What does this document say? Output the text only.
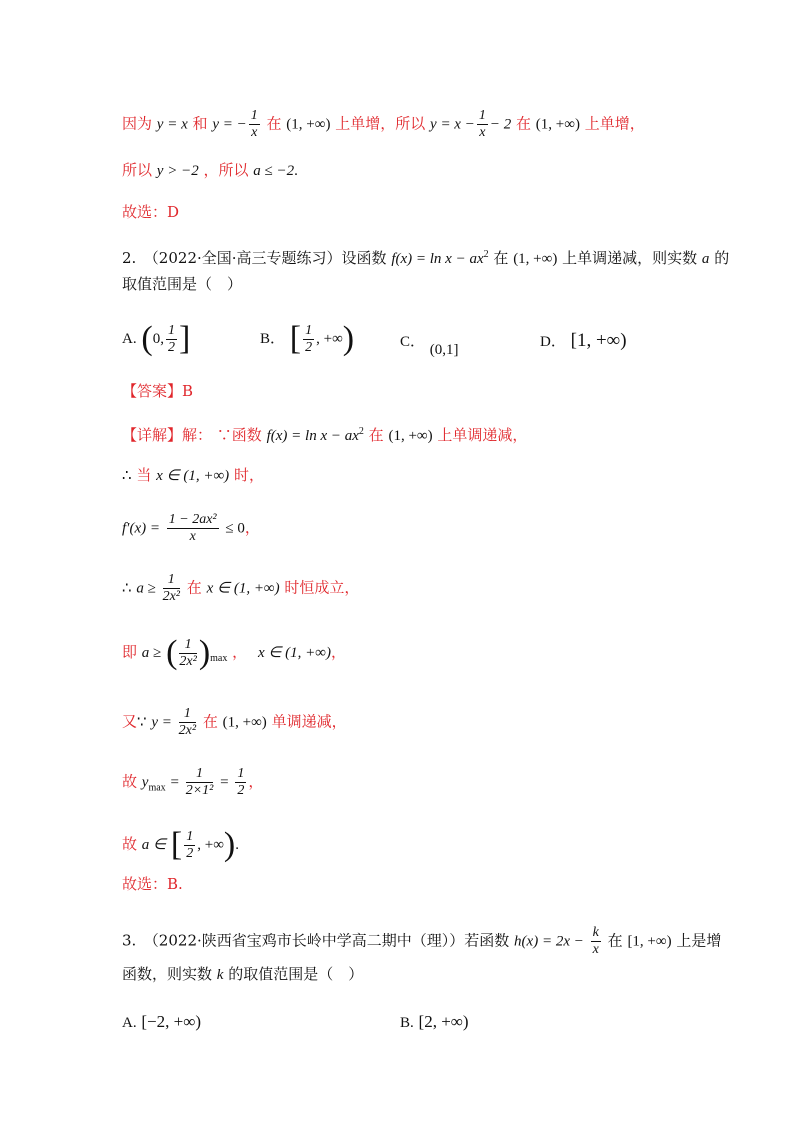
因为 y = x 和 y = − $\frac{1}{x}$ 在 (1, +∞) 上单增，所以 $y = x - \frac{1}{x} - 2$ 在 (1, +∞) 上单增，
所以 y > −2 ，所以 a ≤ −2.
故选：D
2.　（2022·全国·高三专题练习）设函数 $f(x) = \ln x - ax^2$ 在 (1, +∞) 上单调递减，则实数 a 的
取值范围是（　）
A. (0, $\frac{1}{2}$ ]	B． [ $\frac{1}{2}$ , +∞)	C． (0,1]	D． [1, +∞)
【答案】B
【详解】解： ∵函数 $f(x) = \ln x - ax^2$ 在 (1, +∞) 上单调递减，
∴ 当 x ∈ (1, +∞) 时，
$f'(x) = \frac{\text{1 − 2ax²}}{x} \le 0$，
∴ $a \ge \frac{1}{\text{2x²}}$ 在 x ∈ (1, +∞) 时恒成立，
即 a ≥ ( $\frac{1}{\text{2x²}} )_{max}$ ， x ∈ (1, +∞)，
又∵ $y = \frac{1}{\text{2x²}}$ 在 (1, +∞) 单调递减，
故 $y_{max} = \frac{1}{\text{2×1²}} = \frac{1}{2}$ ，
故 a ∈ [ $\frac{1}{2}$ , +∞).
故选：B.
3.　（2022·陕西省宝鸡市长岭中学高二期中（理））若函数 $h(x) = 2x - \frac{k}{x}$ 在 [1, +∞) 上是增
函数，则实数 k 的取值范围是（　）
A. [−2, +∞)	B. [2, +∞)
